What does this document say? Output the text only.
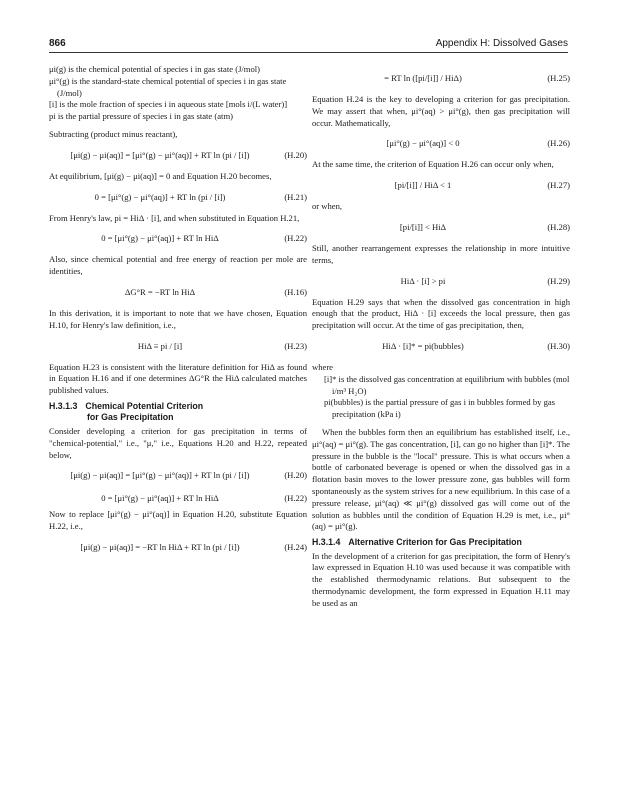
866	Appendix H: Dissolved Gases

μi(g) is the chemical potential of species i in gas state (J/mol)

μi°(g) is the standard-state chemical potential of species i in gas state (J/mol)

[i] is the mole fraction of species i in aqueous state [mols i/(L water)]

pi is the partial pressure of species i in gas state (atm)

Subtracting (product minus reactant),

[μi(g) − μi(aq)] = [μi°(g) − μi°(aq)] + RT ln (pi / [i])	(H.20)

At equilibrium, [μi(g) − μi(aq)] = 0 and Equation H.20 becomes,

0 = [μi°(g) − μi°(aq)] + RT ln (pi / [i])	(H.21)

From Henry's law, pi = HiΔ · [i], and when substituted in Equation H.21,

0 = [μi°(g) − μi°(aq)] + RT ln HiΔ	(H.22)

Also, since chemical potential and free energy of reaction per mole are identities,

ΔG°R = −RT ln HiΔ	(H.16)

In this derivation, it is important to note that we have chosen, Equation H.10, for Henry's law definition, i.e.,

HiΔ ≡ pi / [i]	(H.23)

Equation H.23 is consistent with the literature definition for HiΔ as found in Equation H.16 and if one determines ΔG°R the HiΔ calculated matches published values.

H.3.1.3 Chemical Potential Criterion
for Gas Precipitation

Consider developing a criterion for gas precipitation in terms of "chemical-potential," i.e., "μ," i.e., Equations H.20 and H.22, repeated below,

[μi(g) − μi(aq)] = [μi°(g) − μi°(aq)] + RT ln (pi / [i])	(H.20)
0 = [μi°(g) − μi°(aq)] + RT ln HiΔ	(H.22)

Now to replace [μi°(g) − μi°(aq)] in Equation H.20, substitute Equation H.22, i.e.,

[μi(g) − μi(aq)] = −RT ln HiΔ + RT ln (pi / [i])	(H.24)
= RT ln ([pi/[i]] / HiΔ)	(H.25)

Equation H.24 is the key to developing a criterion for gas precipitation. We may assert that when, μi°(aq) > μi°(g), then gas precipitation will occur. Mathematically,

[μi°(g) − μi°(aq)] < 0	(H.26)

At the same time, the criterion of Equation H.26 can occur only when,

[pi/[i]] / HiΔ < 1	(H.27)

or when,

[pi/[i]] < HiΔ	(H.28)

Still, another rearrangement expresses the relationship in more intuitive terms,

HiΔ · [i] > pi	(H.29)

Equation H.29 says that when the dissolved gas concentration in high enough that the product, HiΔ · [i] exceeds the local pressure, then gas precipitation will occur. At the time of gas precipitation, then,

HiΔ · [i]* = pi(bubbles)	(H.30)

where

[i]* is the dissolved gas concentration at equilibrium with bubbles (mol i/m³ H₂O)

pi(bubbles) is the partial pressure of gas i in bubbles formed by gas precipitation (kPa i)

When the bubbles form then an equilibrium has established itself, i.e., μi°(aq) = μi°(g). The gas concentration, [i], can go no higher than [i]*. The pressure in the bubble is the "local" pressure. This is what occurs when a bottle of carbonated beverage is opened or when the dissolved gas in a flotation basin moves to the lower pressure zone, gas bubbles will form spontaneously as the system strives for a new equilibrium. In this case of a pressure release, μi°(aq) ≪ μi°(g) dissolved gas will come out of the solution as bubbles until the condition of Equation H.29 is met, i.e., μi°(aq) = μi°(g).

H.3.1.4 Alternative Criterion for Gas Precipitation

In the development of a criterion for gas precipitation, the form of Henry's law expressed in Equation H.10 was used because it was compatible with the established thermodynamic relations. But subsequent to the thermodynamic development, the form expressed in Equation H.11 may be used as an
